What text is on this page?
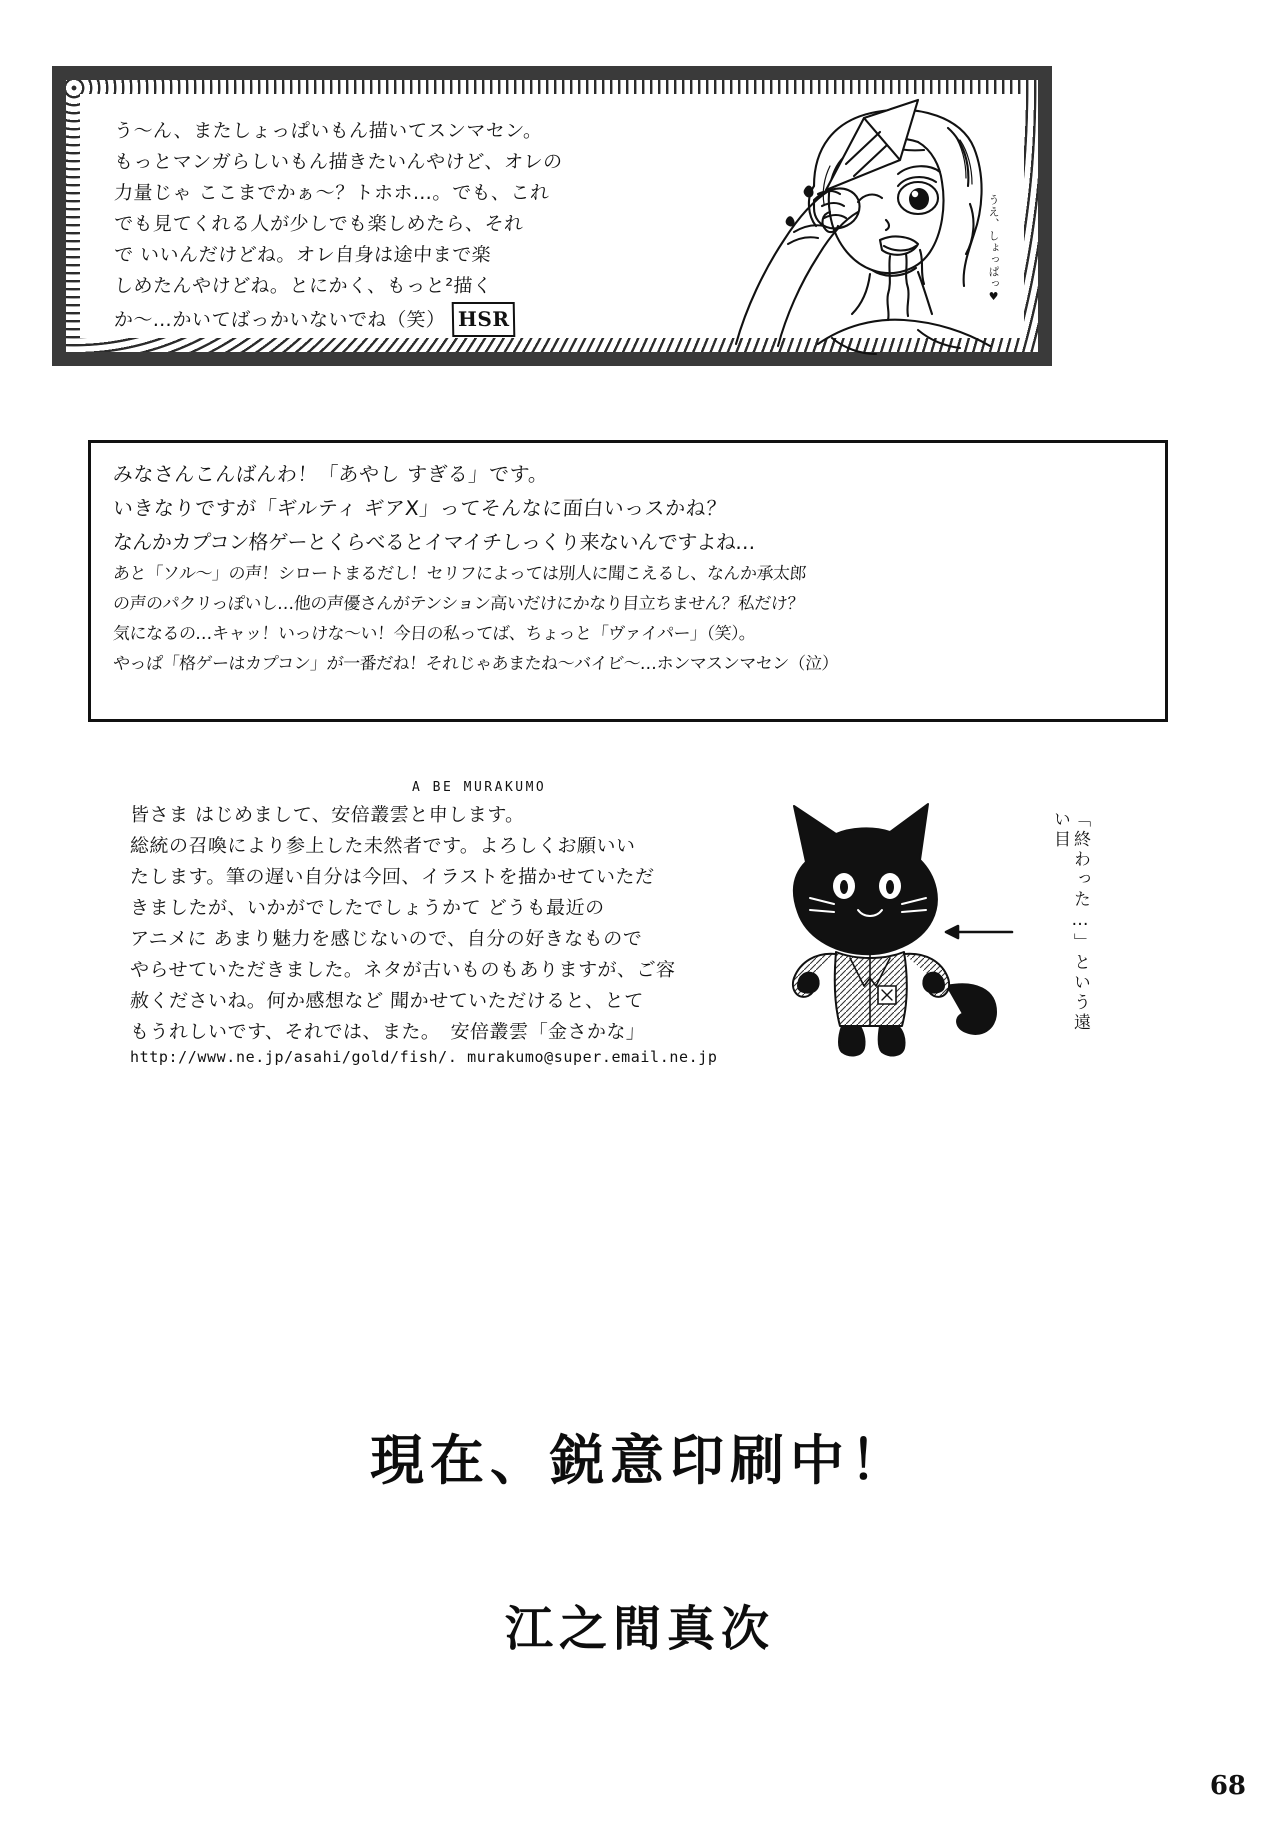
う～ん、またしょっぱいもん描いてスンマセン。
もっとマンガらしいもん描きたいんやけど、オレの
力量じゃ ここまでかぁ～？トホホ…。でも、これ
でも見てくれる人が少しでも楽しめたら、それ
で いいんだけどね。オレ自身は途中まで楽
しめたんやけどね。とにかく、もっと²描く
か～…かいてばっかいないでね（笑） HSR
うえ、しょっぱっ♥
みなさんこんばんわ！「あやし すぎる」です。
いきなりですが「ギルティ ギアX」ってそんなに面白いっスかね？
なんかカプコン格ゲーとくらべるとイマイチしっくり来ないんですよね…
あと「ソル～」の声！シロートまるだし！セリフによっては別人に聞こえるし、なんか承太郎
の声のパクリっぽいし…他の声優さんがテンション高いだけにかなり目立ちません？私だけ？
気になるの…キャッ！いっけな～い！今日の私ってば、ちょっと「ヴァイパー」（笑）。
やっぱ「格ゲーはカプコン」が一番だね！それじゃあまたね～バイビ～…ホンマスンマセン（泣）
A BE MURAKUMO
皆さま はじめまして、安倍叢雲と申します。
総統の召喚により参上した未然者です。よろしくお願いい
たします。筆の遅い自分は今回、イラストを描かせていただ
きましたが、いかがでしたでしょうかて どうも最近の
アニメに あまり魅力を感じないので、自分の好きなもので
やらせていただきました。ネタが古いものもありますが、ご容
赦くださいね。何か感想など 聞かせていただけると、とて
もうれしいです、それでは、また。　安倍叢雲「金さかな」
http://www.ne.jp/asahi/gold/fish/. murakumo@super.email.ne.jp
「終わった…」という遠い目
現在、鋭意印刷中！
江之間真次
68
